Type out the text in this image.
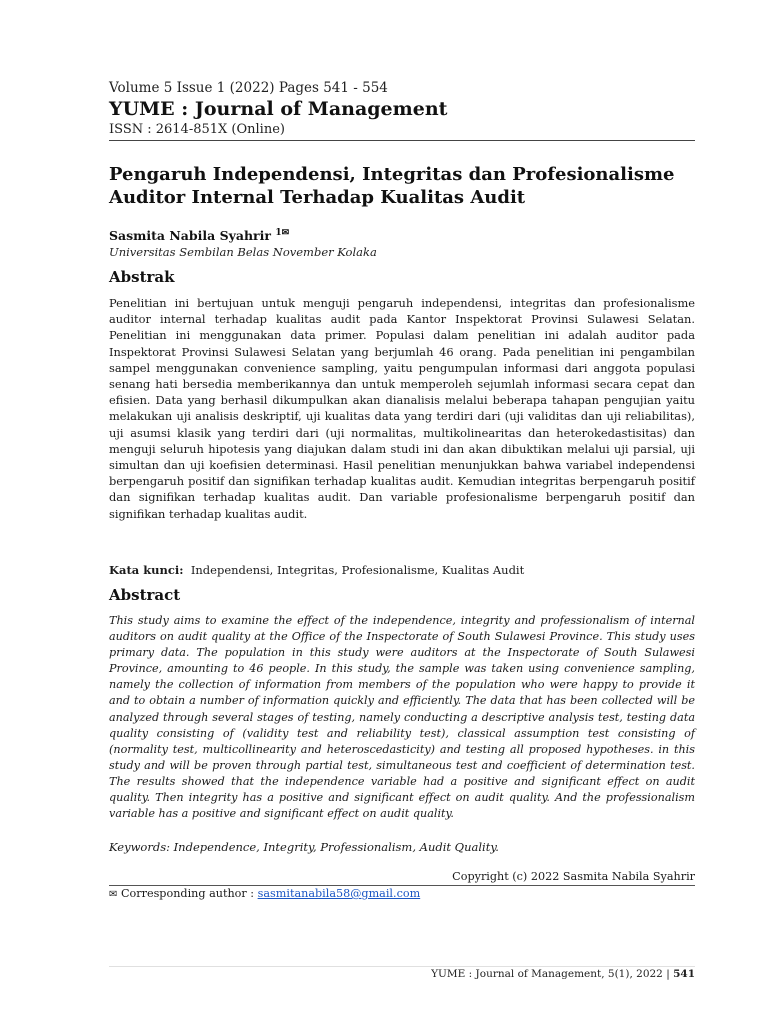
Volume 5 Issue 1 (2022) Pages 541 - 554
YUME : Journal of Management
ISSN : 2614-851X (Online)
Pengaruh Independensi, Integritas dan Profesionalisme
Auditor Internal Terhadap Kualitas Audit
Sasmita Nabila Syahrir $^{1✉}$
Universitas Sembilan Belas November Kolaka
Abstrak
Penelitian ini bertujuan untuk menguji pengaruh independensi, integritas dan profesionalisme auditor internal terhadap kualitas audit pada Kantor Inspektorat Provinsi Sulawesi Selatan. Penelitian ini menggunakan data primer. Populasi dalam penelitian ini adalah auditor pada Inspektorat Provinsi Sulawesi Selatan yang berjumlah 46 orang. Pada penelitian ini pengambilan sampel menggunakan convenience sampling, yaitu pengumpulan informasi dari anggota populasi senang hati bersedia memberikannya dan untuk memperoleh sejumlah informasi secara cepat dan efisien. Data yang berhasil dikumpulkan akan dianalisis melalui beberapa tahapan pengujian yaitu melakukan uji analisis deskriptif, uji kualitas data yang terdiri dari (uji validitas dan uji reliabilitas), uji asumsi klasik yang terdiri dari (uji normalitas, multikolinearitas dan heterokedastisitas) dan menguji seluruh hipotesis yang diajukan dalam studi ini dan akan dibuktikan melalui uji parsial, uji simultan dan uji koefisien determinasi. Hasil penelitian menunjukkan bahwa variabel independensi berpengaruh positif dan signifikan terhadap kualitas audit. Kemudian integritas berpengaruh positif dan signifikan terhadap kualitas audit. Dan variable profesionalisme berpengaruh positif dan signifikan terhadap kualitas audit.
Kata kunci: Independensi, Integritas, Profesionalisme, Kualitas Audit
Abstract
This study aims to examine the effect of the independence, integrity and professionalism of internal auditors on audit quality at the Office of the Inspectorate of South Sulawesi Province. This study uses primary data. The population in this study were auditors at the Inspectorate of South Sulawesi Province, amounting to 46 people. In this study, the sample was taken using convenience sampling, namely the collection of information from members of the population who were happy to provide it and to obtain a number of information quickly and efficiently. The data that has been collected will be analyzed through several stages of testing, namely conducting a descriptive analysis test, testing data quality consisting of (validity test and reliability test), classical assumption test consisting of (normality test, multicollinearity and heteroscedasticity) and testing all proposed hypotheses. in this study and will be proven through partial test, simultaneous test and coefficient of determination test. The results showed that the independence variable had a positive and significant effect on audit quality. Then integrity has a positive and significant effect on audit quality. And the professionalism variable has a positive and significant effect on audit quality.
Keywords: Independence, Integrity, Professionalism, Audit Quality.
Copyright (c) 2022 Sasmita Nabila Syahrir
✉ Corresponding author : sasmitanabila58@gmail.com
YUME : Journal of Management, 5(1), 2022 | 541
